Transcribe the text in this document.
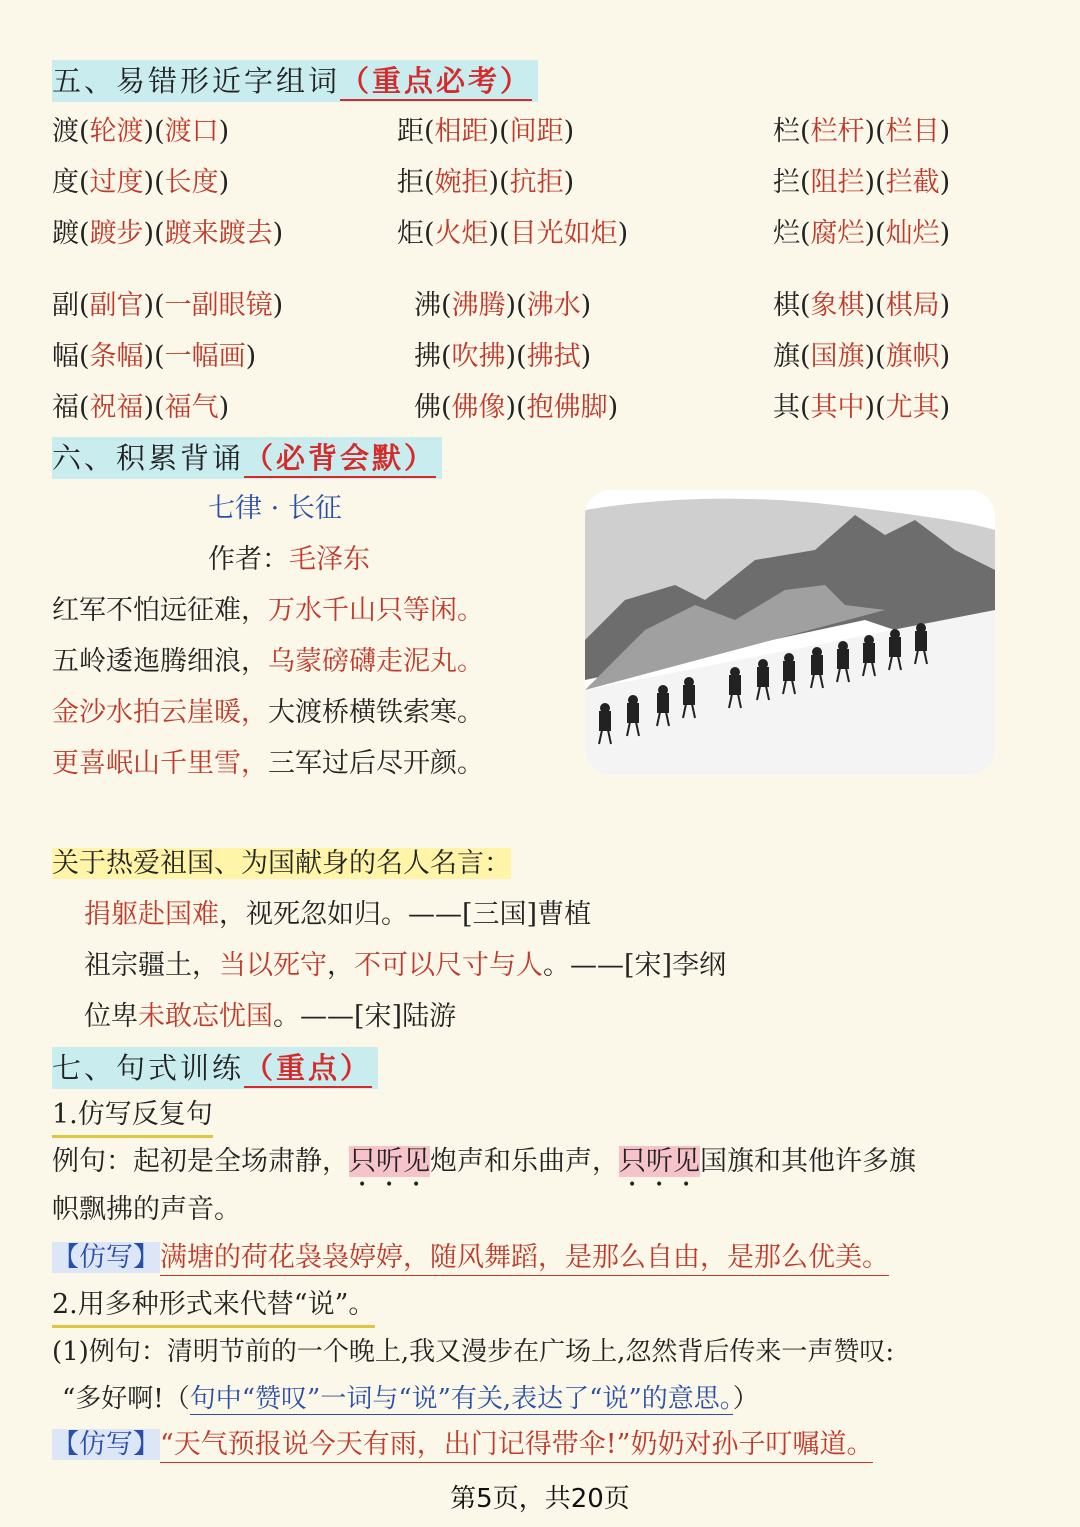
五、易错形近字组词（重点必考）
渡(轮渡)(渡口)	距(相距)(间距)	栏(栏杆)(栏目)
度(过度)(长度)	拒(婉拒)(抗拒)	拦(阻拦)(拦截)
踱(踱步)(踱来踱去)	炬(火炬)(目光如炬)	烂(腐烂)(灿烂)
副(副官)(一副眼镜)	沸(沸腾)(沸水)	棋(象棋)(棋局)
幅(条幅)(一幅画)	拂(吹拂)(拂拭)	旗(国旗)(旗帜)
福(祝福)(福气)	佛(佛像)(抱佛脚)	其(其中)(尤其)
六、积累背诵（必背会默）
七律 · 长征
作者：毛泽东
红军不怕远征难，万水千山只等闲。
五岭逶迤腾细浪，乌蒙磅礴走泥丸。
金沙水拍云崖暖，大渡桥横铁索寒。
更喜岷山千里雪，三军过后尽开颜。
关于热爱祖国、为国献身的名人名言：
捐躯赴国难，视死忽如归。——[三国]曹植
祖宗疆土，当以死守，不可以尺寸与人。——[宋]李纲
位卑未敢忘忧国。——[宋]陆游
七、句式训练（重点）
1.仿写反复句
例句：起初是全场肃静，只听见炮声和乐曲声，只听见国旗和其他许多旗
帜飘拂的声音。
【仿写】满塘的荷花袅袅婷婷，随风舞蹈，是那么自由，是那么优美。
2.用多种形式来代替“说”。
(1)例句：清明节前的一个晚上,我又漫步在广场上,忽然背后传来一声赞叹:
“多好啊!（句中“赞叹”一词与“说”有关,表达了“说”的意思。）
【仿写】“天气预报说今天有雨，出门记得带伞!”奶奶对孙子叮嘱道。
第5页，共20页
